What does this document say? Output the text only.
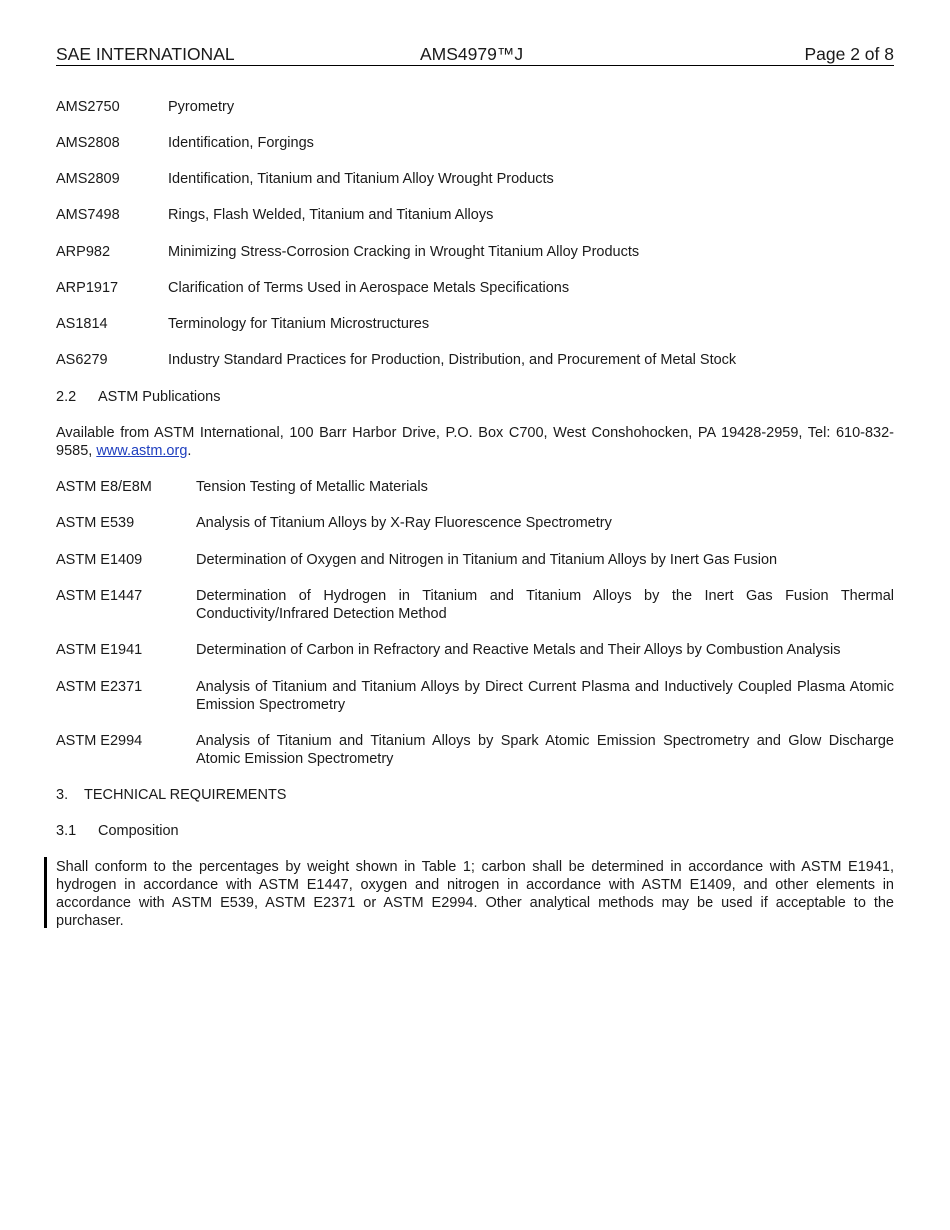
SAE INTERNATIONAL	AMS4979™J	Page 2 of 8
AMS2750	Pyrometry
AMS2808	Identification, Forgings
AMS2809	Identification, Titanium and Titanium Alloy Wrought Products
AMS7498	Rings, Flash Welded, Titanium and Titanium Alloys
ARP982	Minimizing Stress-Corrosion Cracking in Wrought Titanium Alloy Products
ARP1917	Clarification of Terms Used in Aerospace Metals Specifications
AS1814	Terminology for Titanium Microstructures
AS6279	Industry Standard Practices for Production, Distribution, and Procurement of Metal Stock
2.2 ASTM Publications
Available from ASTM International, 100 Barr Harbor Drive, P.O. Box C700, West Conshohocken, PA 19428-2959, Tel: 610-832-9585, www.astm.org.
ASTM E8/E8M	Tension Testing of Metallic Materials
ASTM E539	Analysis of Titanium Alloys by X-Ray Fluorescence Spectrometry
ASTM E1409	Determination of Oxygen and Nitrogen in Titanium and Titanium Alloys by Inert Gas Fusion
ASTM E1447	Determination of Hydrogen in Titanium and Titanium Alloys by the Inert Gas Fusion Thermal Conductivity/Infrared Detection Method
ASTM E1941	Determination of Carbon in Refractory and Reactive Metals and Their Alloys by Combustion Analysis
ASTM E2371	Analysis of Titanium and Titanium Alloys by Direct Current Plasma and Inductively Coupled Plasma Atomic Emission Spectrometry
ASTM E2994	Analysis of Titanium and Titanium Alloys by Spark Atomic Emission Spectrometry and Glow Discharge Atomic Emission Spectrometry
3. TECHNICAL REQUIREMENTS
3.1 Composition
Shall conform to the percentages by weight shown in Table 1; carbon shall be determined in accordance with ASTM E1941, hydrogen in accordance with ASTM E1447, oxygen and nitrogen in accordance with ASTM E1409, and other elements in accordance with ASTM E539, ASTM E2371 or ASTM E2994. Other analytical methods may be used if acceptable to the purchaser.
